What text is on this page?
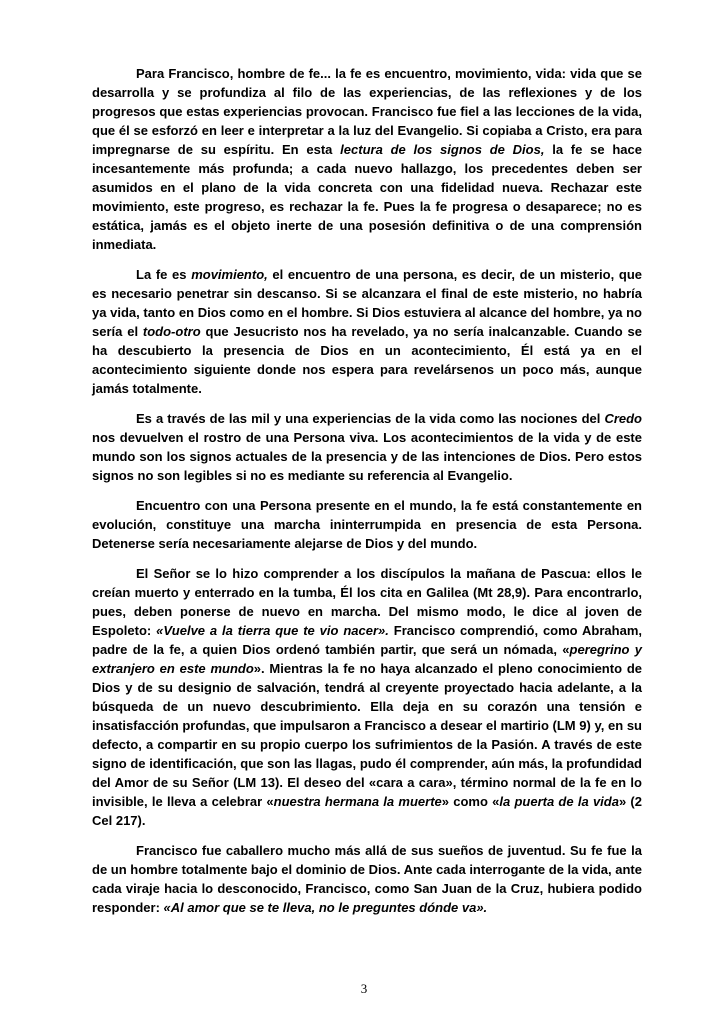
Para Francisco, hombre de fe... la fe es encuentro, movimiento, vida: vida que se desarrolla y se profundiza al filo de las experiencias, de las reflexiones y de los progresos que estas experiencias provocan. Francisco fue fiel a las lecciones de la vida, que él se esforzó en leer e interpretar a la luz del Evangelio. Si copiaba a Cristo, era para impregnarse de su espíritu. En esta lectura de los signos de Dios, la fe se hace incesantemente más profunda; a cada nuevo hallazgo, los precedentes deben ser asumidos en el plano de la vida concreta con una fidelidad nueva. Rechazar este movimiento, este progreso, es rechazar la fe. Pues la fe progresa o desaparece; no es estática, jamás es el objeto inerte de una posesión definitiva o de una comprensión inmediata.

La fe es movimiento, el encuentro de una persona, es decir, de un misterio, que es necesario penetrar sin descanso. Si se alcanzara el final de este misterio, no habría ya vida, tanto en Dios como en el hombre. Si Dios estuviera al alcance del hombre, ya no sería el todo-otro que Jesucristo nos ha revelado, ya no sería inalcanzable. Cuando se ha descubierto la presencia de Dios en un acontecimiento, Él está ya en el acontecimiento siguiente donde nos espera para revelársenos un poco más, aunque jamás totalmente.

Es a través de las mil y una experiencias de la vida como las nociones del Credo nos devuelven el rostro de una Persona viva. Los acontecimientos de la vida y de este mundo son los signos actuales de la presencia y de las intenciones de Dios. Pero estos signos no son legibles si no es mediante su referencia al Evangelio.

Encuentro con una Persona presente en el mundo, la fe está constantemente en evolución, constituye una marcha ininterrumpida en presencia de esta Persona. Detenerse sería necesariamente alejarse de Dios y del mundo.

El Señor se lo hizo comprender a los discípulos la mañana de Pascua: ellos le creían muerto y enterrado en la tumba, Él los cita en Galilea (Mt 28,9). Para encontrarlo, pues, deben ponerse de nuevo en marcha. Del mismo modo, le dice al joven de Espoleto: «Vuelve a la tierra que te vio nacer». Francisco comprendió, como Abraham, padre de la fe, a quien Dios ordenó también partir, que será un nómada, «peregrino y extranjero en este mundo». Mientras la fe no haya alcanzado el pleno conocimiento de Dios y de su designio de salvación, tendrá al creyente proyectado hacia adelante, a la búsqueda de un nuevo descubrimiento. Ella deja en su corazón una tensión e insatisfacción profundas, que impulsaron a Francisco a desear el martirio (LM 9) y, en su defecto, a compartir en su propio cuerpo los sufrimientos de la Pasión. A través de este signo de identificación, que son las llagas, pudo él comprender, aún más, la profundidad del Amor de su Señor (LM 13). El deseo del «cara a cara», término normal de la fe en lo invisible, le lleva a celebrar «nuestra hermana la muerte» como «la puerta de la vida» (2 Cel 217).

Francisco fue caballero mucho más allá de sus sueños de juventud. Su fe fue la de un hombre totalmente bajo el dominio de Dios. Ante cada interrogante de la vida, ante cada viraje hacia lo desconocido, Francisco, como San Juan de la Cruz, hubiera podido responder: «Al amor que se te lleva, no le preguntes dónde va».

3
